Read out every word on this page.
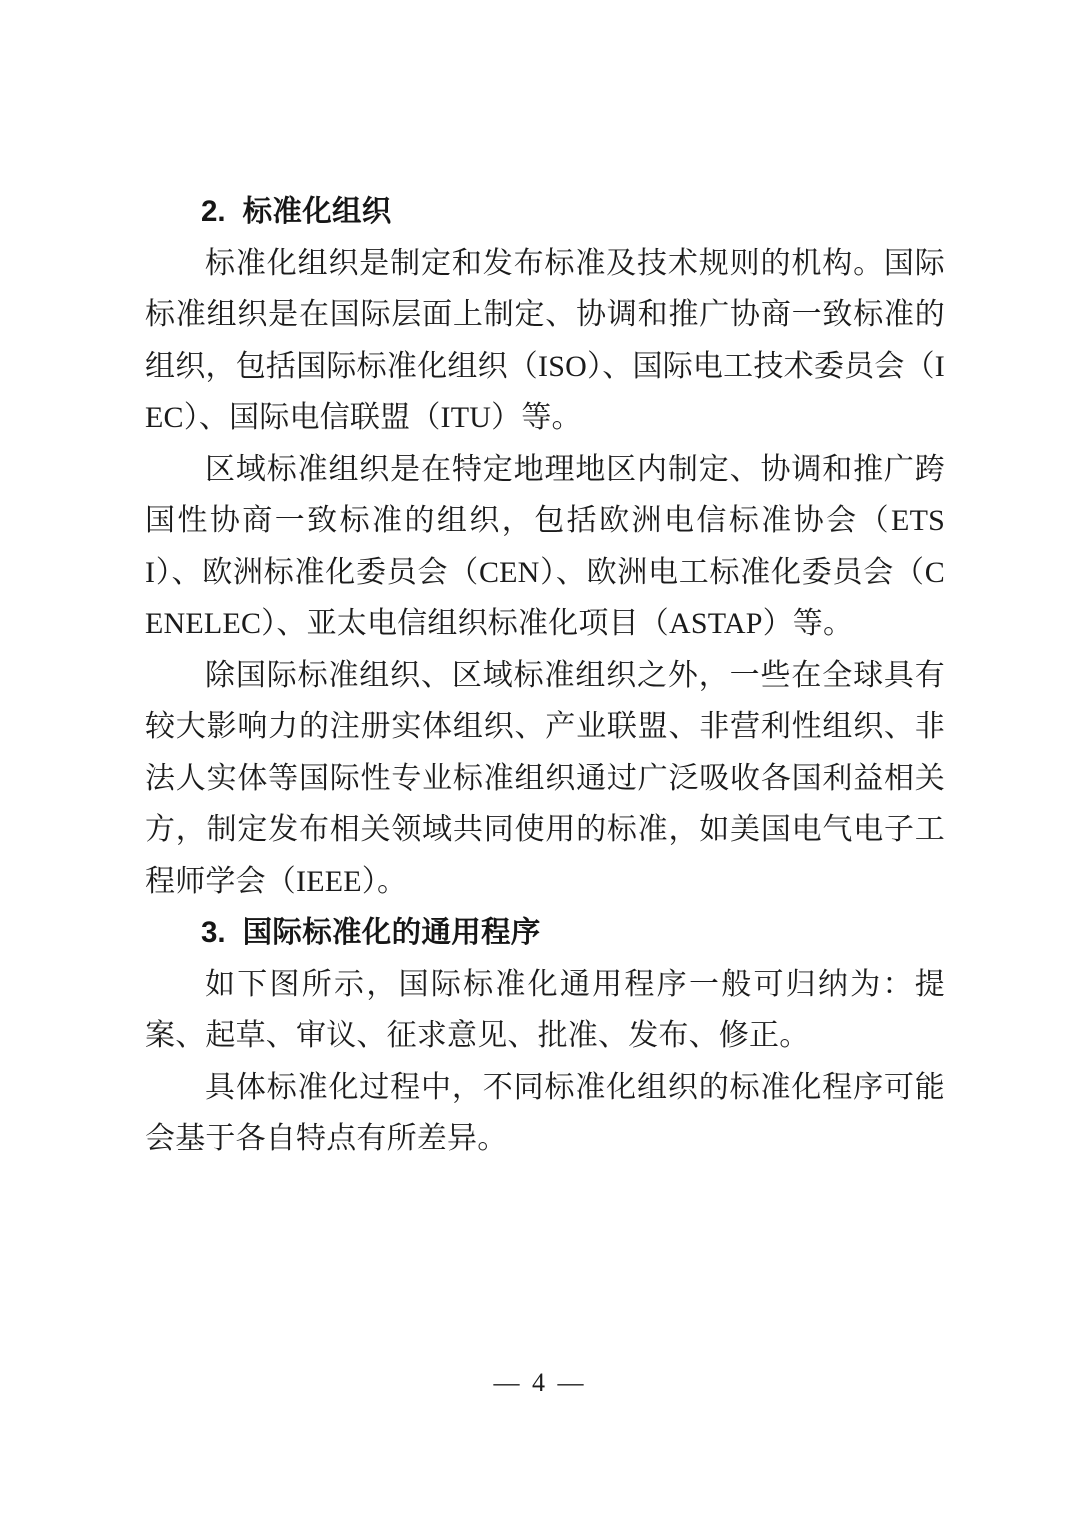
2. 标准化组织

标准化组织是制定和发布标准及技术规则的机构。国际标准组织是在国际层面上制定、协调和推广协商一致标准的组织，包括国际标准化组织（ISO）、国际电工技术委员会（IEC）、国际电信联盟（ITU）等。

区域标准组织是在特定地理地区内制定、协调和推广跨国性协商一致标准的组织，包括欧洲电信标准协会（ETSI）、欧洲标准化委员会（CEN）、欧洲电工标准化委员会（CENELEC）、亚太电信组织标准化项目（ASTAP）等。

除国际标准组织、区域标准组织之外，一些在全球具有较大影响力的注册实体组织、产业联盟、非营利性组织、非法人实体等国际性专业标准组织通过广泛吸收各国利益相关方，制定发布相关领域共同使用的标准，如美国电气电子工程师学会（IEEE）。

3. 国际标准化的通用程序

如下图所示，国际标准化通用程序一般可归纳为：提案、起草、审议、征求意见、批准、发布、修正。

具体标准化过程中，不同标准化组织的标准化程序可能会基于各自特点有所差异。

— 4 —
